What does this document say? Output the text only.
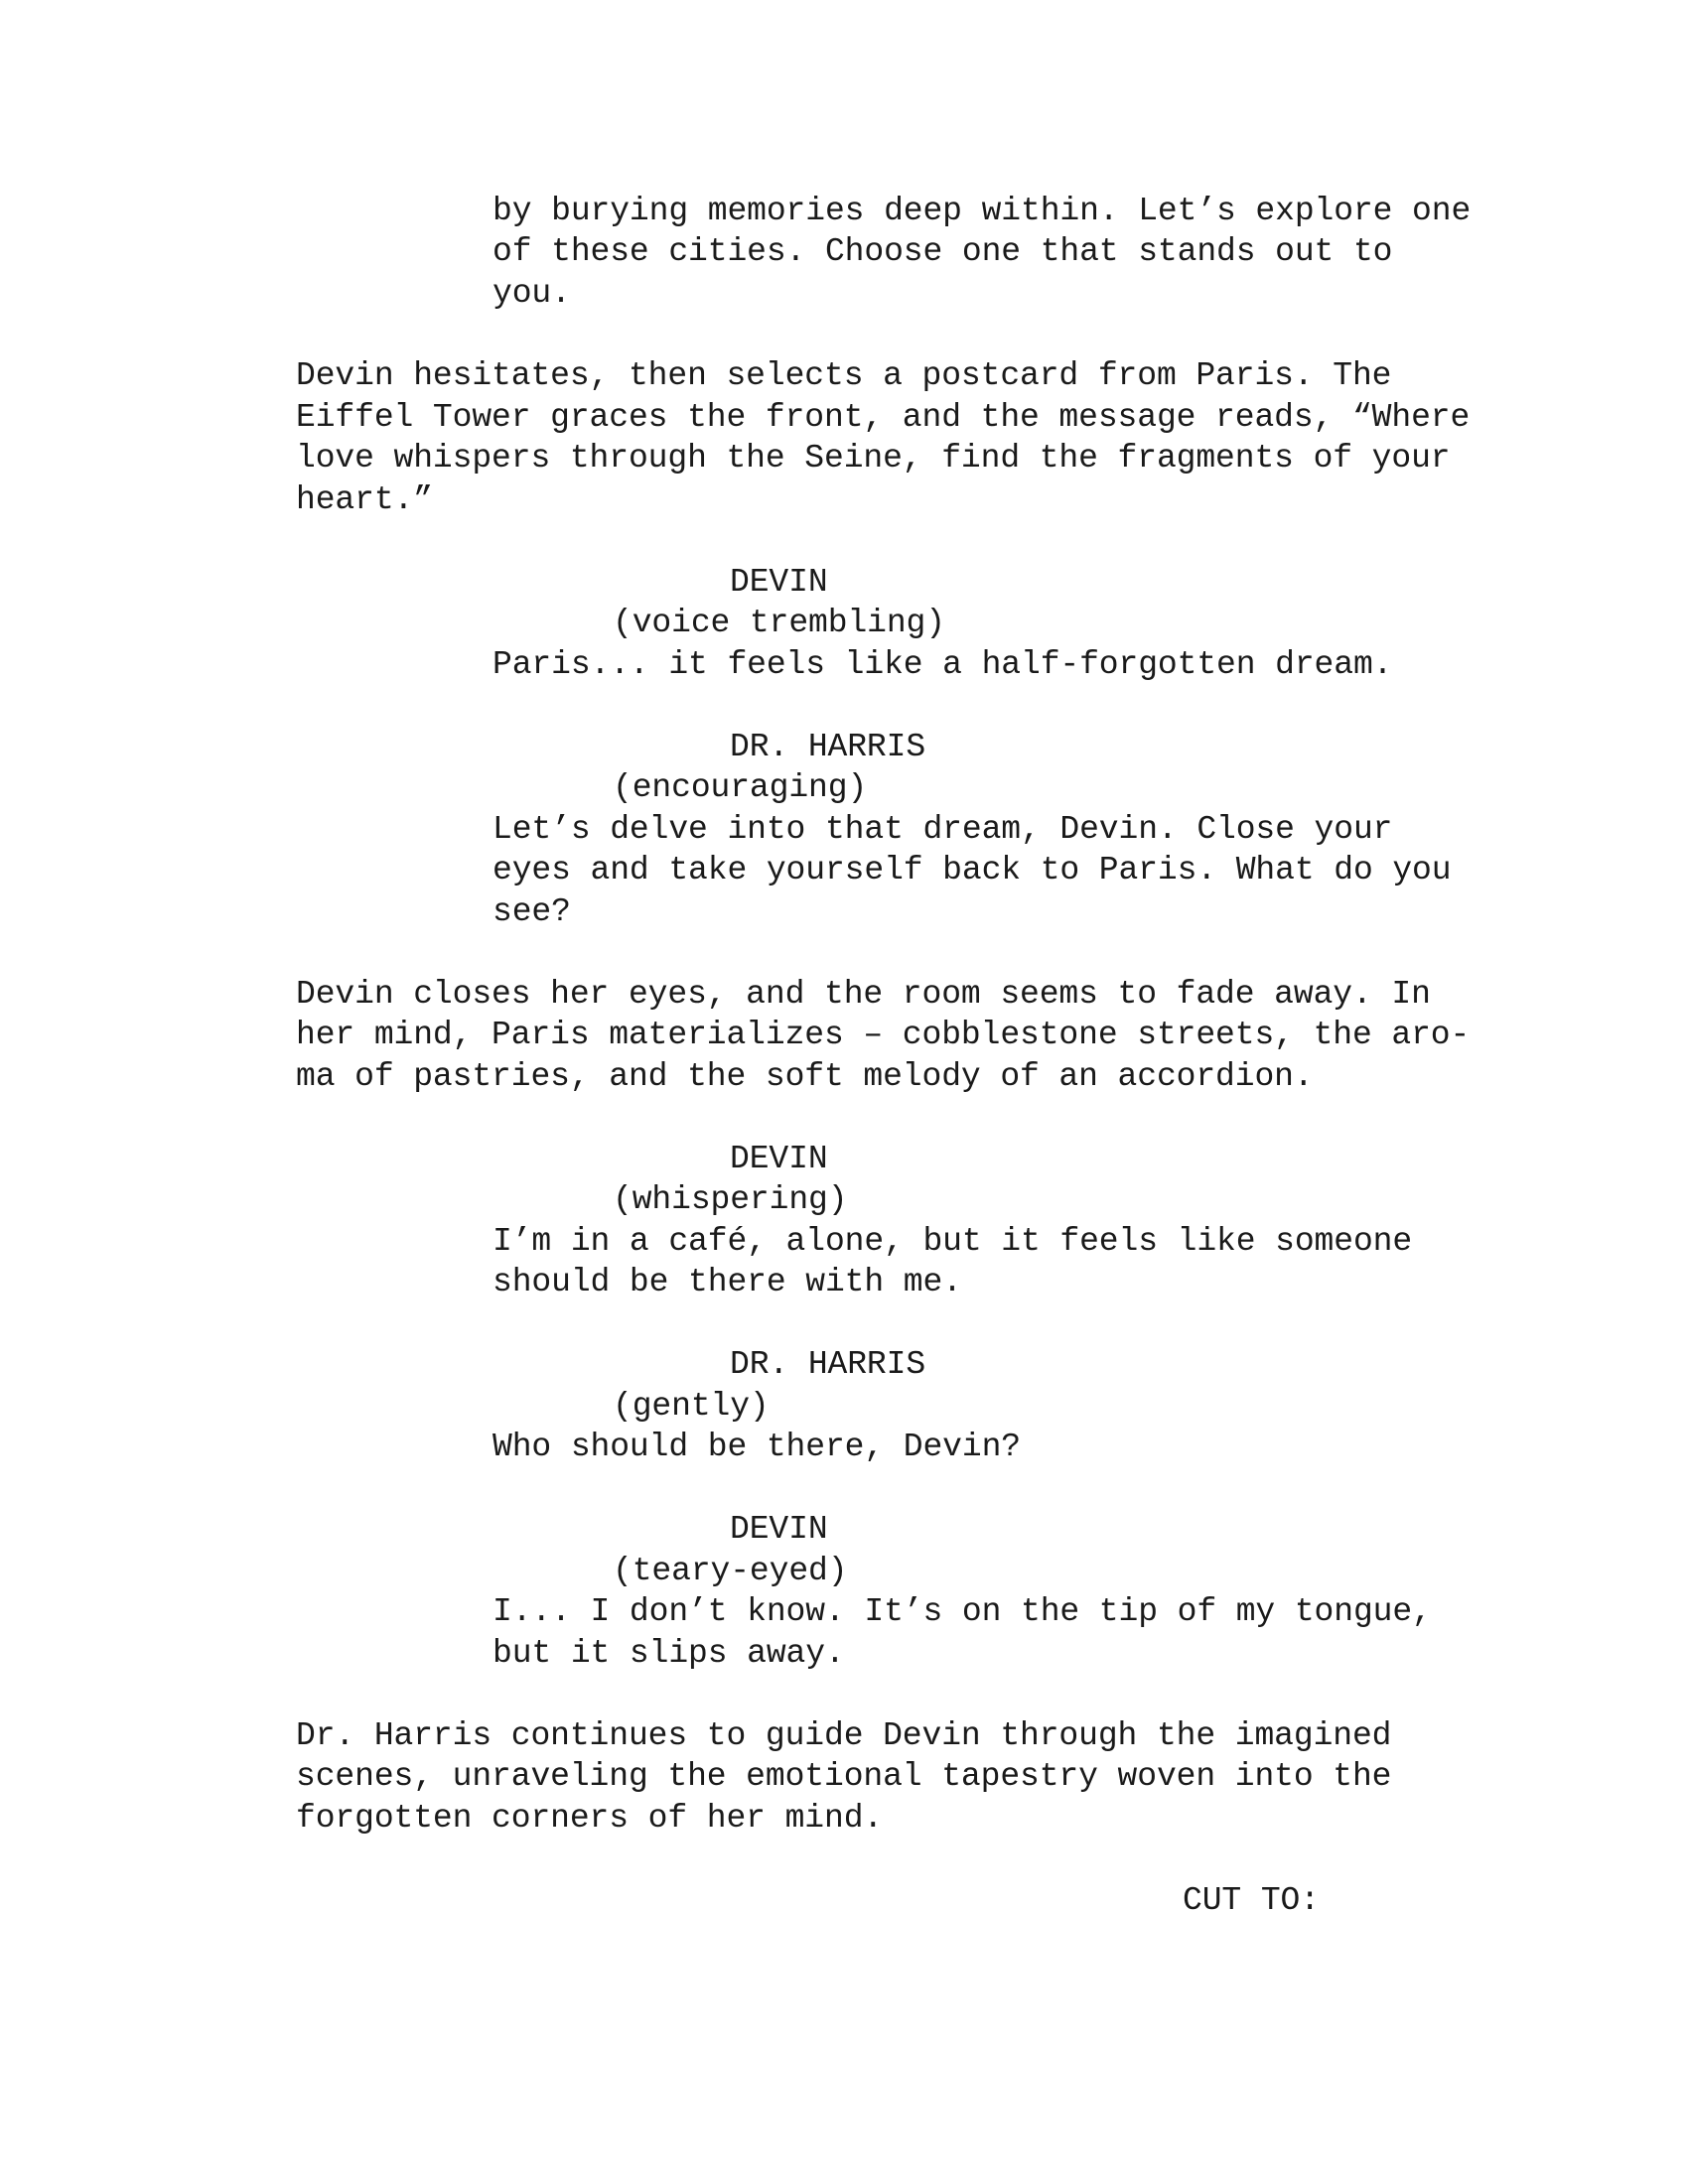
by burying memories deep within. Let’s explore one

of these cities. Choose one that stands out to

you.

Devin hesitates, then selects a postcard from Paris. The

Eiffel Tower graces the front, and the message reads, “Where

love whispers through the Seine, find the fragments of your

heart.”

DEVIN

(voice trembling)

Paris... it feels like a half-forgotten dream.

DR. HARRIS

(encouraging)

Let’s delve into that dream, Devin. Close your

eyes and take yourself back to Paris. What do you

see?

Devin closes her eyes, and the room seems to fade away. In

her mind, Paris materializes – cobblestone streets, the aro-

ma of pastries, and the soft melody of an accordion.

DEVIN

(whispering)

I’m in a café, alone, but it feels like someone

should be there with me.

DR. HARRIS

(gently)

Who should be there, Devin?

DEVIN

(teary-eyed)

I... I don’t know. It’s on the tip of my tongue,

but it slips away.

Dr. Harris continues to guide Devin through the imagined

scenes, unraveling the emotional tapestry woven into the

forgotten corners of her mind.

CUT TO:
